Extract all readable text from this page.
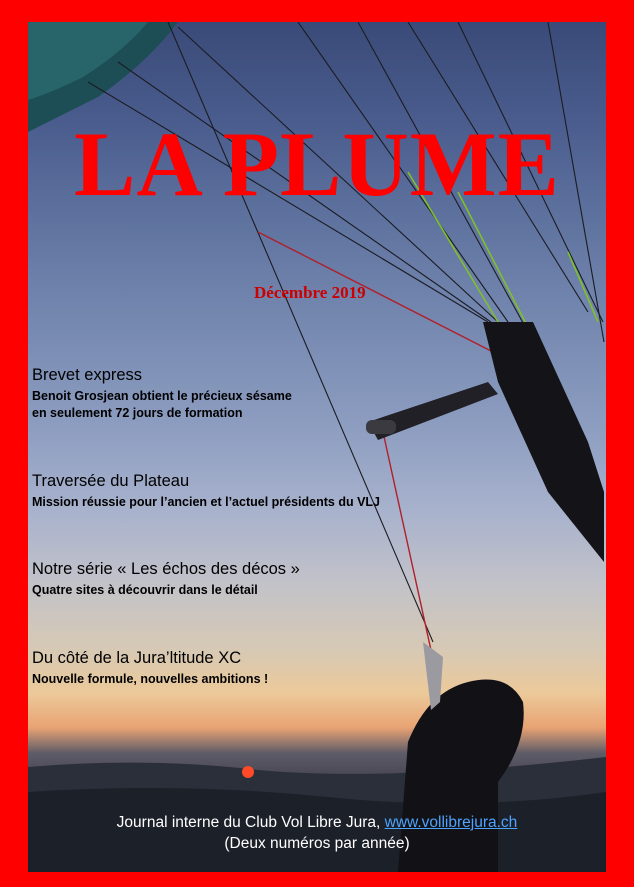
LA PLUME
Décembre 2019
Brevet express
Benoit Grosjean obtient le précieux sésame
en seulement 72 jours de formation
Traversée du Plateau
Mission réussie pour l’ancien et l’actuel présidents du VLJ
Notre série « Les échos des décos »
Quatre sites à découvrir dans le détail
Du côté de la Jura’ltitude XC
Nouvelle formule, nouvelles ambitions !
Journal interne du Club Vol Libre Jura, www.vollibrejura.ch
(Deux numéros par année)
